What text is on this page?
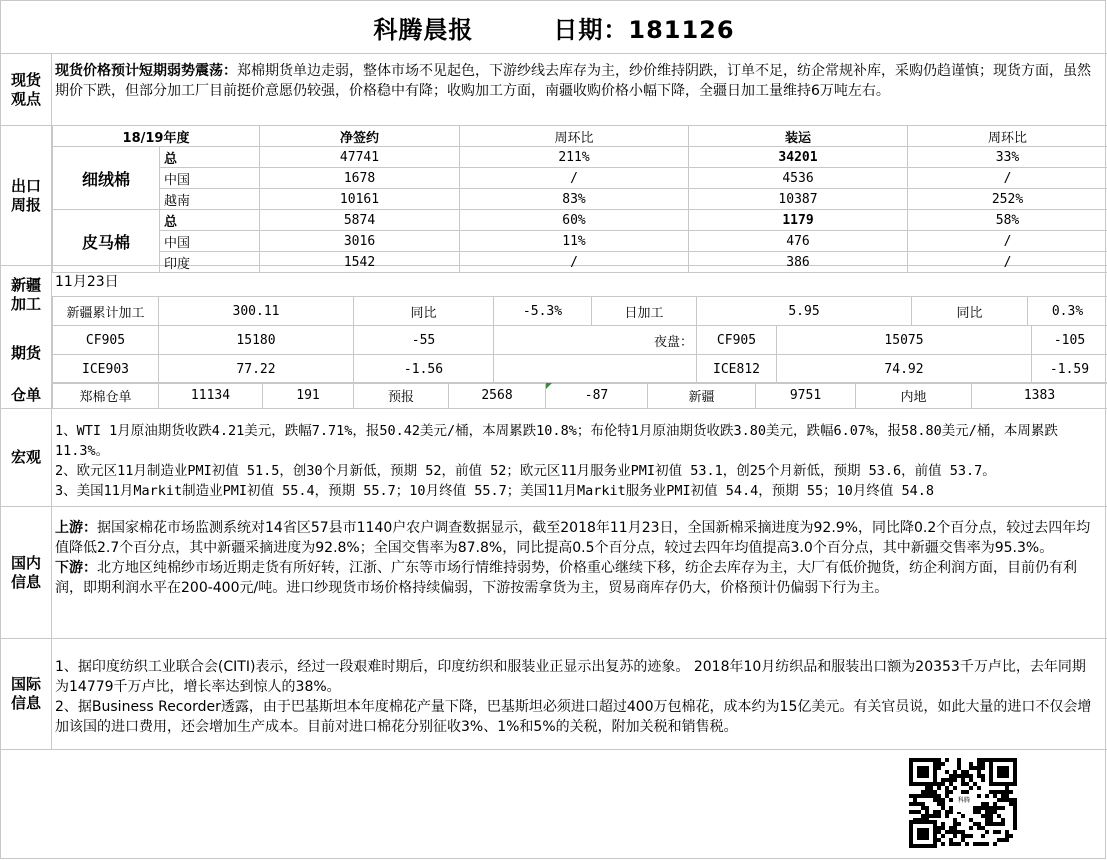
科腾晨报	日期：181126
现货观点
现货价格预计短期弱势震荡：郑棉期货单边走弱，整体市场不见起色，下游纱线去库存为主，纱价维持阴跌，订单不足，纺企常规补库，采购仍趋谨慎；现货方面，虽然期价下跌，但部分加工厂目前挺价意愿仍较强，价格稳中有降；收购加工方面，南疆收购价格小幅下降，全疆日加工量维持6万吨左右。
出口周报
18/19年度		净签约	周环比	装运	周环比
细绒棉	总	47741	211%	34201	33%
	中国	1678	/	4536	/
	越南	10161	83%	10387	252%
皮马棉	总	5874	60%	1179	58%
	中国	3016	11%	476	/
	印度	1542	/	386	/
新疆加工
11月23日
新疆累计加工	300.11	同比	-5.3%	日加工	5.95	同比	0.3%
期货
CF905	15180	-55	夜盘：	CF905	15075	-105
ICE903	77.22	-1.56		ICE812	74.92	-1.59
仓单	郑棉仓单	11134	191	预报	2568	-87	新疆	9751	内地	1383
宏观
1、WTI 1月原油期货收跌4.21美元，跌幅7.71%，报50.42美元/桶，本周累跌10.8%；布伦特1月原油期货收跌3.80美元，跌幅6.07%，报58.80美元/桶，本周累跌11.3%。
2、欧元区11月制造业PMI初值 51.5，创30个月新低，预期 52，前值 52；欧元区11月服务业PMI初值 53.1，创25个月新低，预期 53.6，前值 53.7。
3、美国11月Markit制造业PMI初值 55.4，预期 55.7；10月终值 55.7；美国11月Markit服务业PMI初值 54.4，预期 55；10月终值 54.8
国内信息
上游：据国家棉花市场监测系统对14省区57县市1140户农户调查数据显示，截至2018年11月23日，全国新棉采摘进度为92.9%，同比降0.2个百分点，较过去四年均值降低2.7个百分点，其中新疆采摘进度为92.8%；全国交售率为87.8%，同比提高0.5个百分点，较过去四年均值提高3.0个百分点，其中新疆交售率为95.3%。
下游：北方地区纯棉纱市场近期走货有所好转，江浙、广东等市场行情维持弱势，价格重心继续下移，纺企去库存为主，大厂有低价抛货，纺企利润方面，目前仍有利润，即期利润水平在200-400元/吨。进口纱现货市场价格持续偏弱，下游按需拿货为主，贸易商库存仍大，价格预计仍偏弱下行为主。
国际信息
1、据印度纺织工业联合会(CITI)表示，经过一段艰难时期后，印度纺织和服装业正显示出复苏的迹象。 2018年10月纺织品和服装出口额为20353千万卢比，去年同期为14779千万卢比，增长率达到惊人的38%。
2、据Business Recorder透露，由于巴基斯坦本年度棉花产量下降，巴基斯坦必须进口超过400万包棉花，成本约为15亿美元。有关官员说，如此大量的进口不仅会增加该国的进口费用，还会增加生产成本。目前对进口棉花分别征收3%、1%和5%的关税，附加关税和销售税。
科腾
